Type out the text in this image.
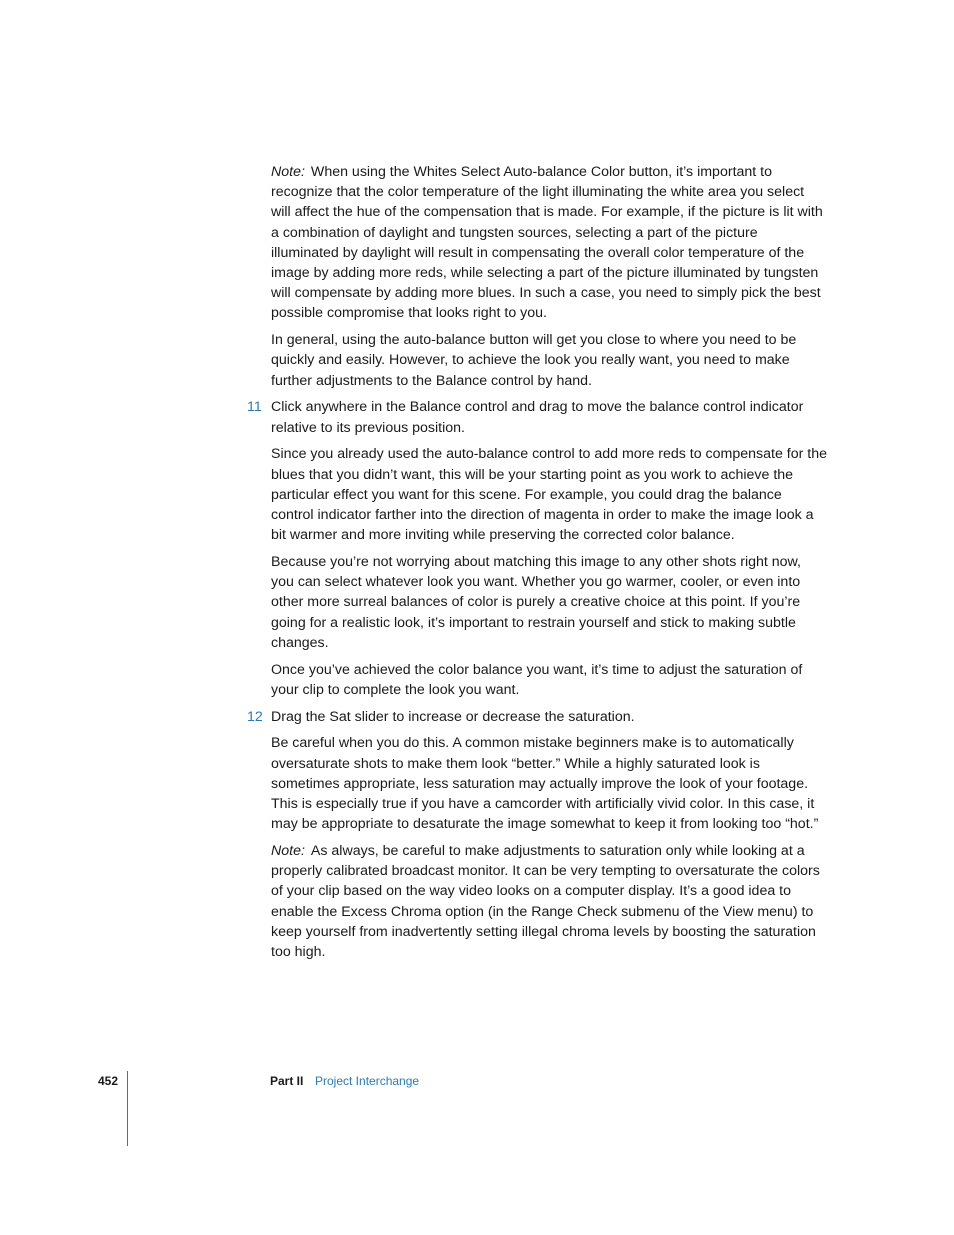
Note: When using the Whites Select Auto-balance Color button, it’s important to recognize that the color temperature of the light illuminating the white area you select will affect the hue of the compensation that is made. For example, if the picture is lit with a combination of daylight and tungsten sources, selecting a part of the picture illuminated by daylight will result in compensating the overall color temperature of the image by adding more reds, while selecting a part of the picture illuminated by tungsten will compensate by adding more blues. In such a case, you need to simply pick the best possible compromise that looks right to you.

In general, using the auto-balance button will get you close to where you need to be quickly and easily. However, to achieve the look you really want, you need to make further adjustments to the Balance control by hand.

11 Click anywhere in the Balance control and drag to move the balance control indicator relative to its previous position.

Since you already used the auto-balance control to add more reds to compensate for the blues that you didn’t want, this will be your starting point as you work to achieve the particular effect you want for this scene. For example, you could drag the balance control indicator farther into the direction of magenta in order to make the image look a bit warmer and more inviting while preserving the corrected color balance.

Because you’re not worrying about matching this image to any other shots right now, you can select whatever look you want. Whether you go warmer, cooler, or even into other more surreal balances of color is purely a creative choice at this point. If you’re going for a realistic look, it’s important to restrain yourself and stick to making subtle changes.

Once you’ve achieved the color balance you want, it’s time to adjust the saturation of your clip to complete the look you want.

12 Drag the Sat slider to increase or decrease the saturation.

Be careful when you do this. A common mistake beginners make is to automatically oversaturate shots to make them look “better.” While a highly saturated look is sometimes appropriate, less saturation may actually improve the look of your footage. This is especially true if you have a camcorder with artificially vivid color. In this case, it may be appropriate to desaturate the image somewhat to keep it from looking too “hot.”

Note: As always, be careful to make adjustments to saturation only while looking at a properly calibrated broadcast monitor. It can be very tempting to oversaturate the colors of your clip based on the way video looks on a computer display. It’s a good idea to enable the Excess Chroma option (in the Range Check submenu of the View menu) to keep yourself from inadvertently setting illegal chroma levels by boosting the saturation too high.

452	Part II Project Interchange
